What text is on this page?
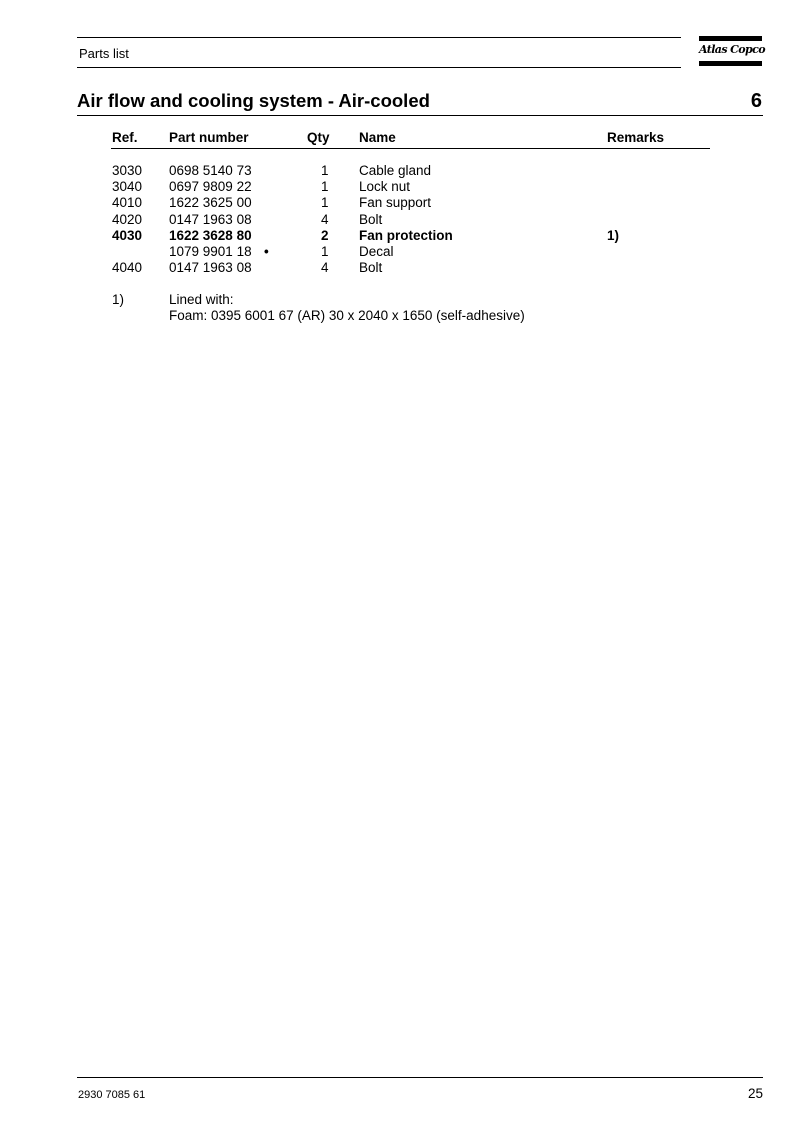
Parts list	Atlas Copco
Air flow and cooling system - Air-cooled	6
Ref. Part number	Qty Name	Remarks
3030 0698 5140 73	1 Cable gland
3040 0697 9809 22	1 Lock nut
4010 1622 3625 00	1 Fan support
4020 0147 1963 08	4 Bolt
4030 1622 3628 80	2 Fan protection	1)
1079 9901 18 •	1 Decal
4040 0147 1963 08	4 Bolt
1)	Lined with:
Foam: 0395 6001 67 (AR) 30 x 2040 x 1650 (self-adhesive)
2930 7085 61	25
